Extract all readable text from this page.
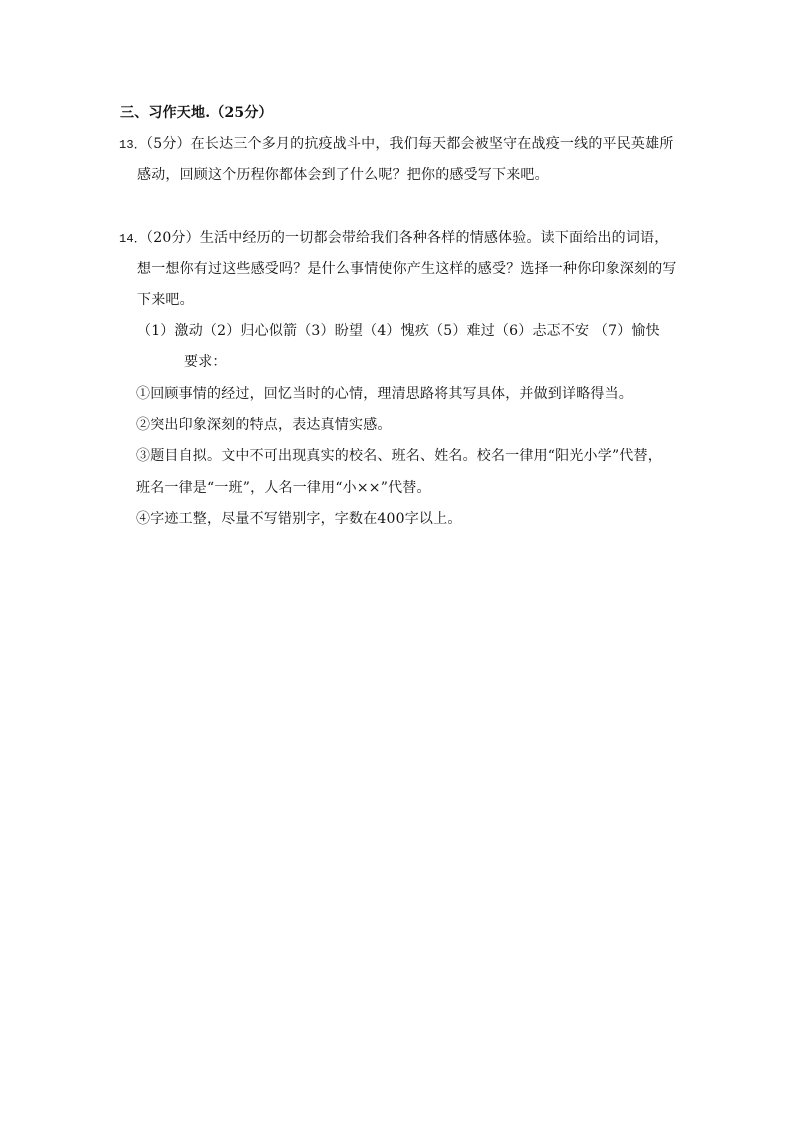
三、习作天地.（25分）
13．（5分）在长达三个多月的抗疫战斗中，我们每天都会被坚守在战疫一线的平民英雄所
感动，回顾这个历程你都体会到了什么呢？把你的感受写下来吧。
14．（20分）生活中经历的一切都会带给我们各种各样的情感体验。读下面给出的词语，
想一想你有过这些感受吗？是什么事情使你产生这样的感受？选择一种你印象深刻的写
下来吧。
（1）激动（2）归心似箭（3）盼望（4）愧疚（5）难过（6）忐忑不安 （7）愉快
要求：
①回顾事情的经过，回忆当时的心情，理清思路将其写具体，并做到详略得当。
②突出印象深刻的特点，表达真情实感。
③题目自拟。文中不可出现真实的校名、班名、姓名。校名一律用“阳光小学”代替，
班名一律是“一班”，人名一律用“小××”代替。
④字迹工整，尽量不写错别字，字数在400字以上。
